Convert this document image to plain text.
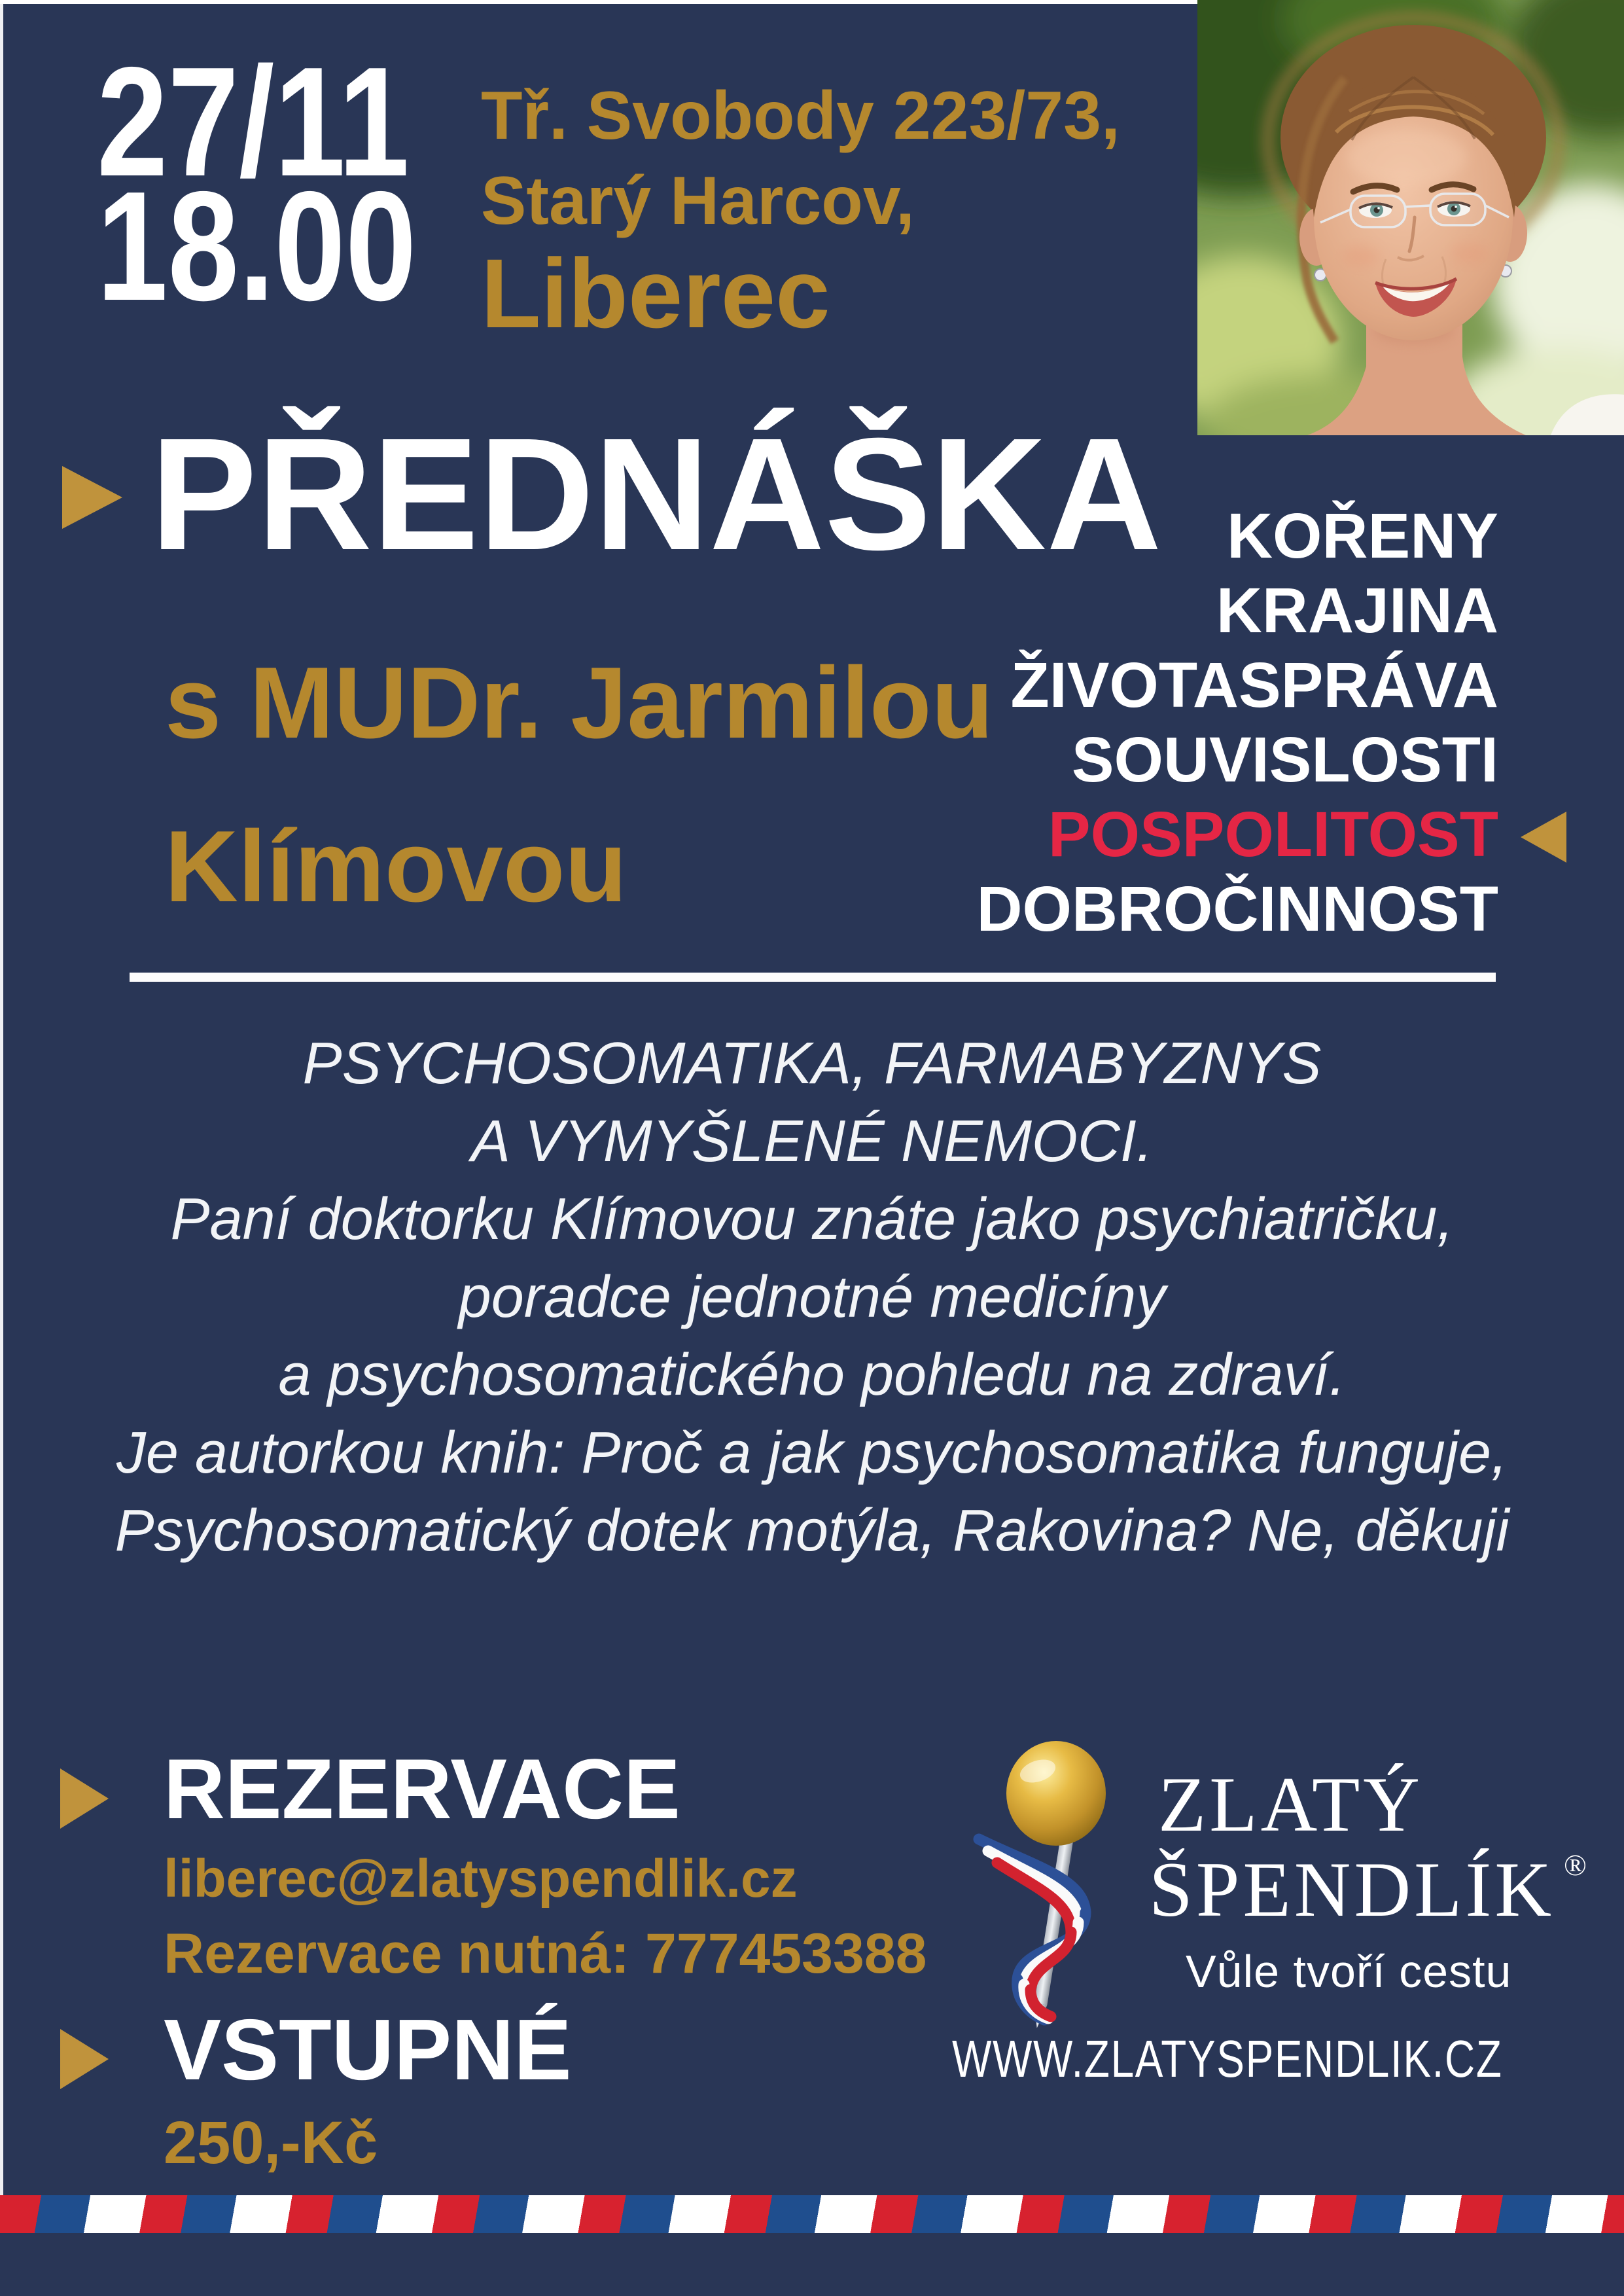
27/11
18.00
Tř. Svobody 223/73,
Starý Harcov,
Liberec
PŘEDNÁŠKA
s MUDr. Jarmilou
Klímovou
KOŘENY
KRAJINA
ŽIVOTASPRÁVA
SOUVISLOSTI
POSPOLITOST
DOBROČINNOST
PSYCHOSOMATIKA, FARMABYZNYS
A VYMYŠLENÉ NEMOCI.
Paní doktorku Klímovou znáte jako psychiatričku,
poradce jednotné medicíny
a psychosomatického pohledu na zdraví.
Je autorkou knih: Proč a jak psychosomatika funguje,
Psychosomatický dotek motýla, Rakovina? Ne, děkuji
REZERVACE
liberec@zlatyspendlik.cz
Rezervace nutná: 777453388
VSTUPNÉ
250,-Kč
ZLATÝ
ŠPENDLÍK ®
Vůle tvoří cestu
WWW.ZLATYSPENDLIK.CZ
